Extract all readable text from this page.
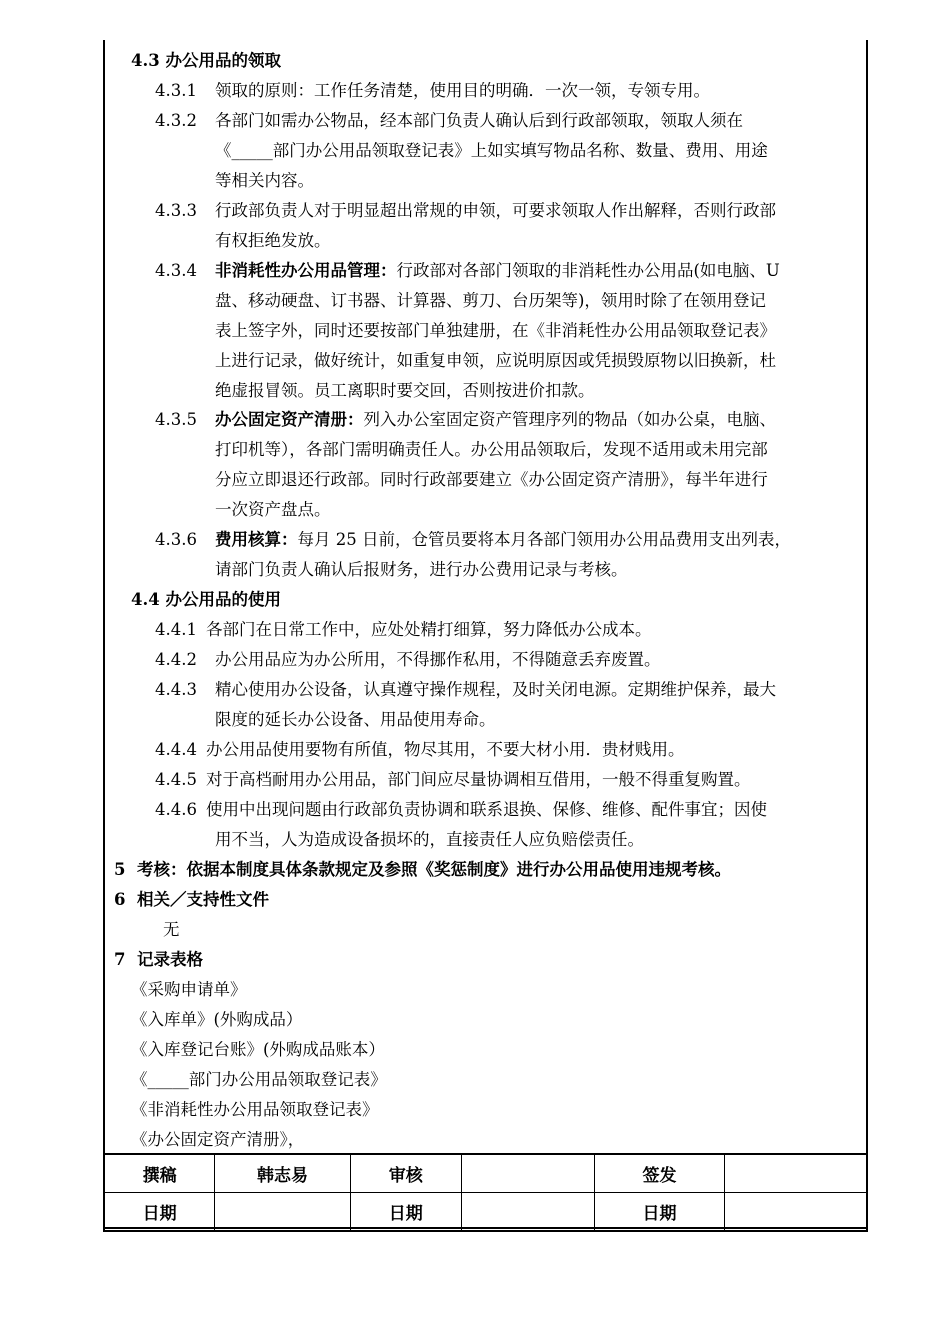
4.3 办公用品的领取
4.3.1 领取的原则：工作任务清楚，使用目的明确．一次一领，专领专用。
4.3.2 各部门如需办公物品，经本部门负责人确认后到行政部领取，领取人须在
《_____部门办公用品领取登记表》上如实填写物品名称、数量、费用、用途
等相关内容。
4.3.3 行政部负责人对于明显超出常规的申领，可要求领取人作出解释，否则行政部
有权拒绝发放。
4.3.4 非消耗性办公用品管理：行政部对各部门领取的非消耗性办公用品(如电脑、U
盘、移动硬盘、订书器、计算器、剪刀、台历架等)，领用时除了在领用登记
表上签字外，同时还要按部门单独建册，在《非消耗性办公用品领取登记表》
上进行记录，做好统计，如重复申领，应说明原因或凭损毁原物以旧换新，杜
绝虚报冒领。员工离职时要交回，否则按进价扣款。
4.3.5 办公固定资产清册：列入办公室固定资产管理序列的物品（如办公桌，电脑、
打印机等），各部门需明确责任人。办公用品领取后，发现不适用或未用完部
分应立即退还行政部。同时行政部要建立《办公固定资产清册》，每半年进行
一次资产盘点。
4.3.6 费用核算：每月 25 日前，仓管员要将本月各部门领用办公用品费用支出列表，
请部门负责人确认后报财务，进行办公费用记录与考核。
4.4 办公用品的使用
4.4.1 各部门在日常工作中，应处处精打细算，努力降低办公成本。
4.4.2 办公用品应为办公所用，不得挪作私用，不得随意丢弃废置。
4.4.3 精心使用办公设备，认真遵守操作规程，及时关闭电源。定期维护保养，最大
限度的延长办公设备、用品使用寿命。
4.4.4 办公用品使用要物有所值，物尽其用，不要大材小用．贵材贱用。
4.4.5 对于高档耐用办公用品，部门间应尽量协调相互借用，一般不得重复购置。
4.4.6 使用中出现问题由行政部负责协调和联系退换、保修、维修、配件事宜；因使
用不当，人为造成设备损坏的，直接责任人应负赔偿责任。
5 考核：依据本制度具体条款规定及参照《奖惩制度》进行办公用品使用违规考核。
6 相关／支持性文件
无
7 记录表格
《采购申请单》
《入库单》(外购成品）
《入库登记台账》(外购成品账本）
《_____部门办公用品领取登记表》
《非消耗性办公用品领取登记表》
《办公固定资产清册》，
撰稿	韩志易	审核		签发	
日期		日期		日期	
